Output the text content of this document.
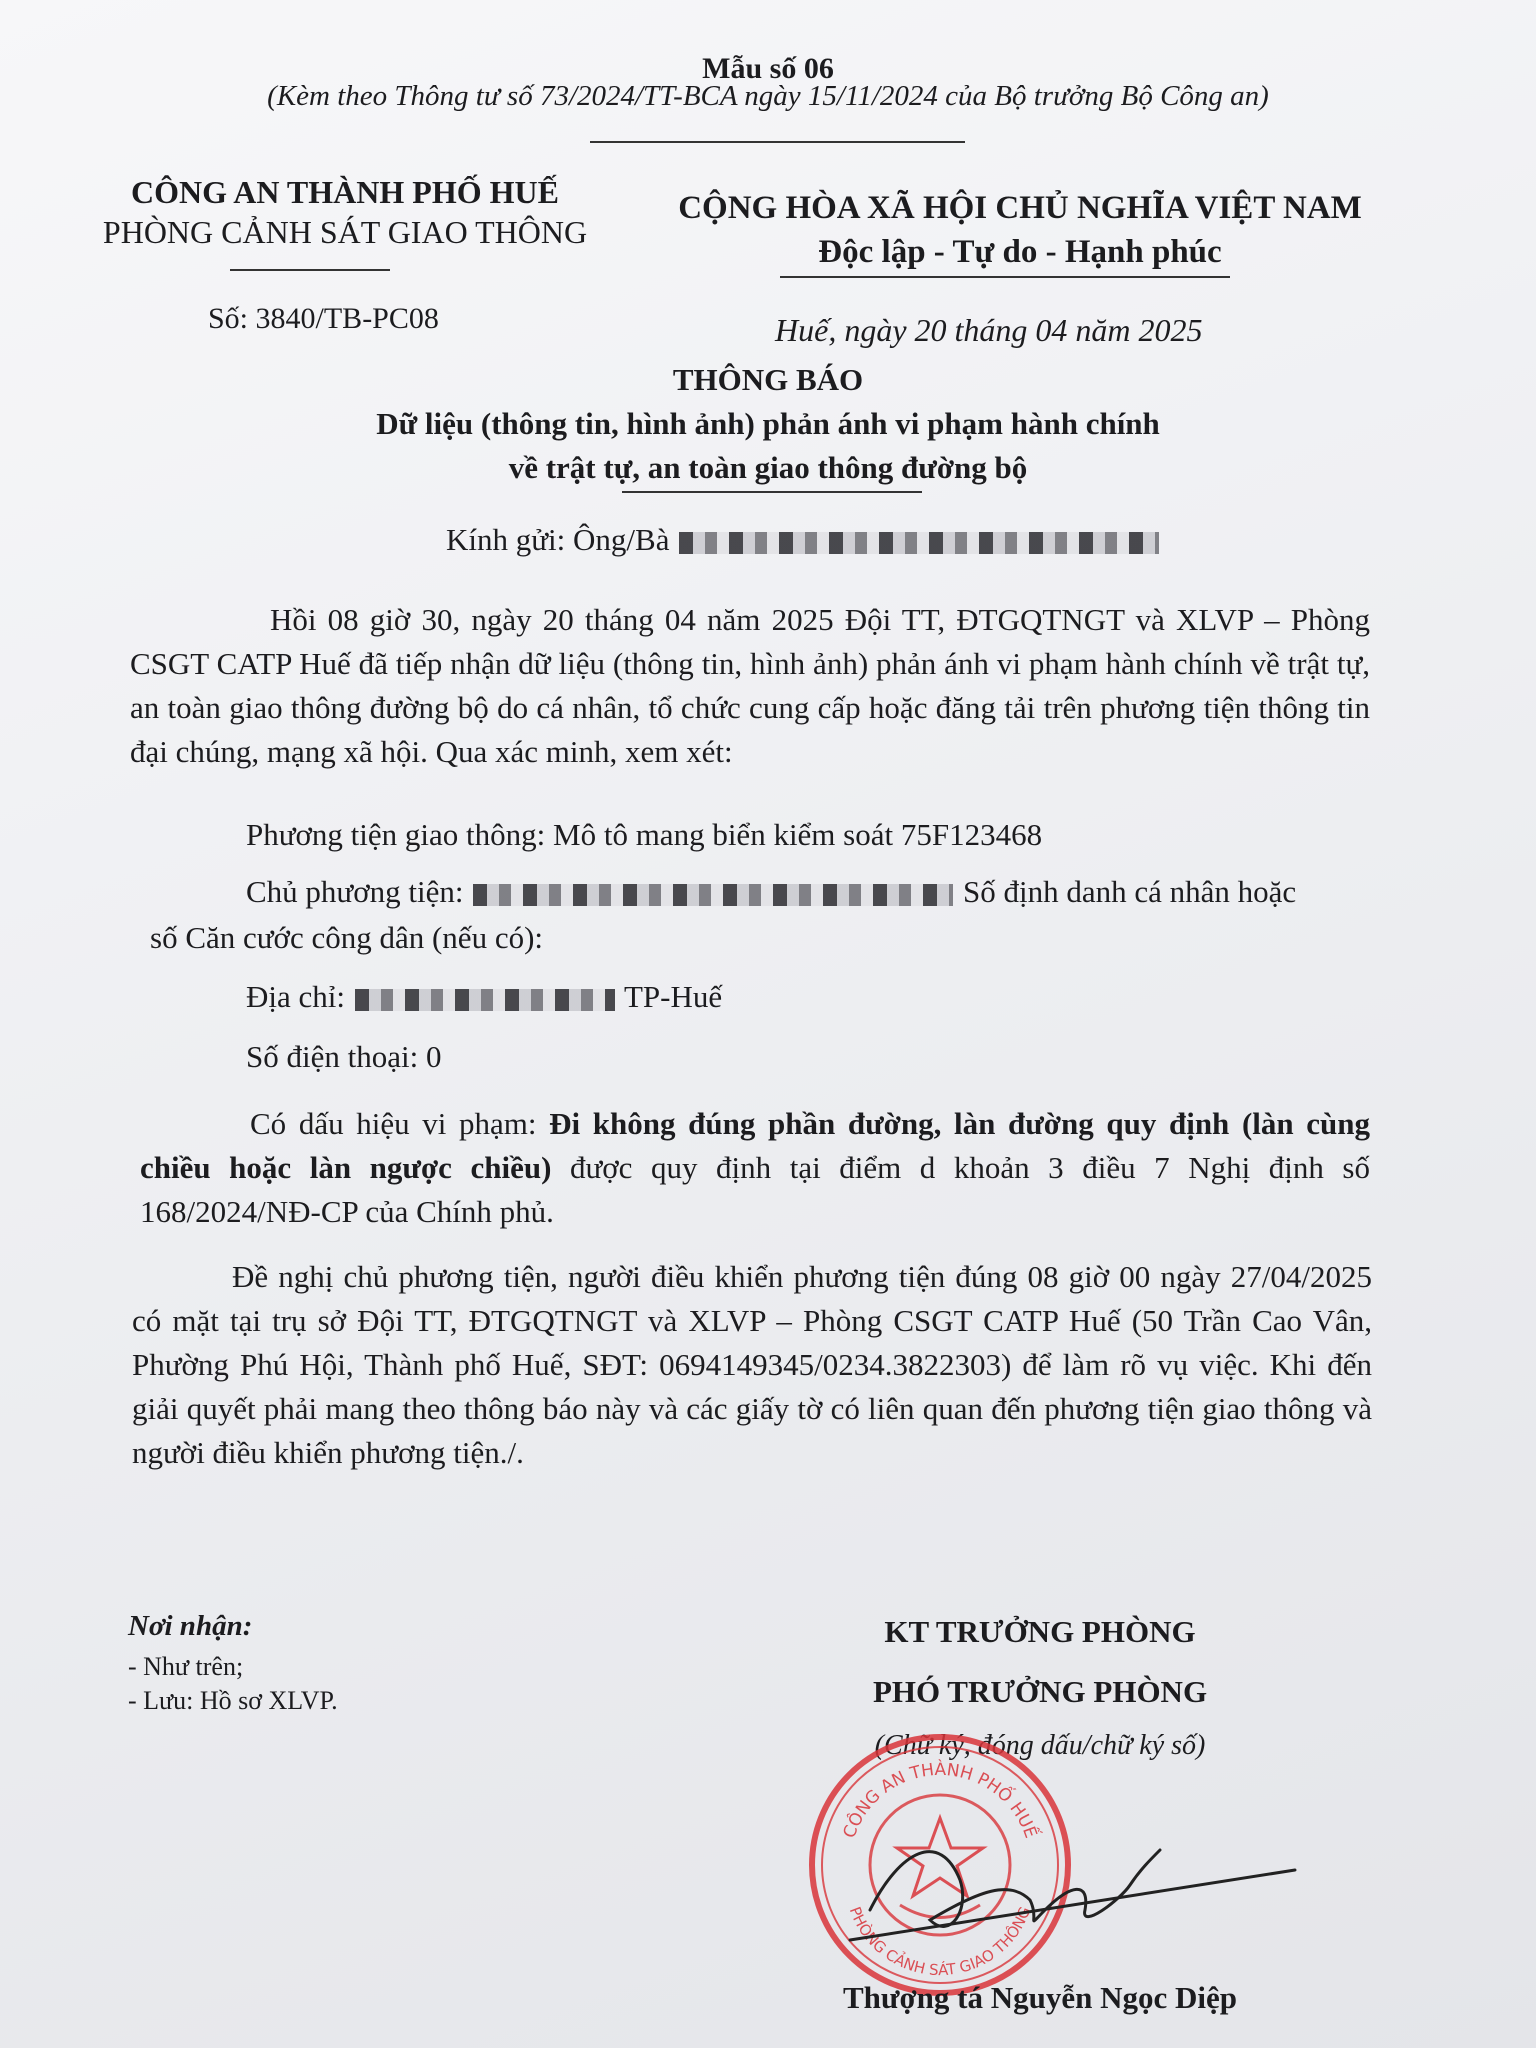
Mẫu số 06
(Kèm theo Thông tư số 73/2024/TT-BCA ngày 15/11/2024 của Bộ trưởng Bộ Công an)
CÔNG AN THÀNH PHỐ HUẾ
PHÒNG CẢNH SÁT GIAO THÔNG
CỘNG HÒA XÃ HỘI CHỦ NGHĨA VIỆT NAM
Độc lập - Tự do - Hạnh phúc
Số: 3840/TB-PC08	Huế, ngày 20 tháng 04 năm 2025
THÔNG BÁO
Dữ liệu (thông tin, hình ảnh) phản ánh vi phạm hành chính
về trật tự, an toàn giao thông đường bộ
Kính gửi: Ông/Bà
Hồi 08 giờ 30, ngày 20 tháng 04 năm 2025 Đội TT, ĐTGQTNGT và XLVP – Phòng CSGT CATP Huế đã tiếp nhận dữ liệu (thông tin, hình ảnh) phản ánh vi phạm hành chính về trật tự, an toàn giao thông đường bộ do cá nhân, tổ chức cung cấp hoặc đăng tải trên phương tiện thông tin đại chúng, mạng xã hội. Qua xác minh, xem xét:
Phương tiện giao thông: Mô tô mang biển kiểm soát 75F123468
Chủ phương tiện:	Số định danh cá nhân hoặc
số Căn cước công dân (nếu có):
Địa chỉ:	TP-Huế
Số điện thoại: 0
Có dấu hiệu vi phạm: Đi không đúng phần đường, làn đường quy định (làn cùng chiều hoặc làn ngược chiều) được quy định tại điểm d khoản 3 điều 7 Nghị định số 168/2024/NĐ-CP của Chính phủ.
Đề nghị chủ phương tiện, người điều khiển phương tiện đúng 08 giờ 00 ngày 27/04/2025 có mặt tại trụ sở Đội TT, ĐTGQTNGT và XLVP – Phòng CSGT CATP Huế (50 Trần Cao Vân, Phường Phú Hội, Thành phố Huế, SĐT: 0694149345/0234.3822303) để làm rõ vụ việc. Khi đến giải quyết phải mang theo thông báo này và các giấy tờ có liên quan đến phương tiện giao thông và người điều khiển phương tiện./.
Nơi nhận:
- Như trên;
- Lưu: Hồ sơ XLVP.
KT TRƯỞNG PHÒNG
PHÓ TRƯỞNG PHÒNG
(Chữ ký, đóng dấu/chữ ký số)
CÔNG AN THÀNH PHỐ HUẾ
PHÒNG CẢNH SÁT GIAO THÔNG
Thượng tá Nguyễn Ngọc Diệp
